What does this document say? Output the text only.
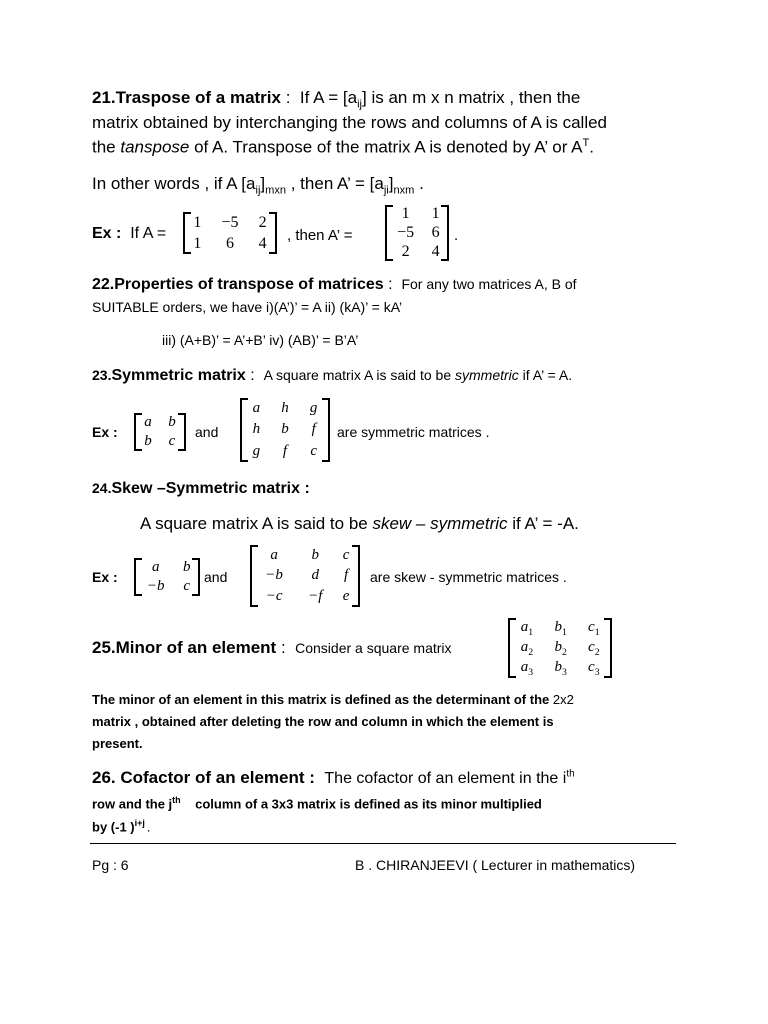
21.Traspose of a matrix : If $A = [a_{ij}]$ is an m x n matrix , then the
matrix obtained by interchanging the rows and columns of A is called
the tanspose of A. Transpose of the matrix A is denoted by A’ or $A^T$.
In other words , if A $[a_{ij}]_{mxn}$ , then A’ = $[a_{ji}]_{nxm}$ .
Ex : If A =
1	−5	2
1	6	4 , then A’ =
1	1
−5	6
2	4
.
22.Properties of transpose of matrices : For any two matrices A, B of
SUITABLE orders, we have i)(A’)’ = A ii) (kA)’ = kA’
iii) (A+B)’ = A’+B’ iv) (AB)’ = B’A’
23.Symmetric matrix : A square matrix A is said to be symmetric if A’ = A.
Ex :
a	b
b	c
and
a	h	g
h	b	f
g	f	c
are symmetric matrices .
24.Skew –Symmetric matrix :
A square matrix A is said to be skew – symmetric if A’ = -A.
Ex :
a	b
−b	c
and
a	b	c
−b	d	f
−c	−f	e
are skew - symmetric matrices .
25.Minor of an element : Consider a square matrix
$a_1$	$b_1$	$c_1$
$a_2$	$b_2$	$c_2$
$a_3$	$b_3$	$c_3$
The minor of an element in this matrix is defined as the determinant of the 2x2
matrix , obtained after deleting the row and column in which the element is
present.
26. Cofactor of an element : The cofactor of an element in the $i^{th}$
row and the $j^{th}$ column of a 3x3 matrix is defined as its minor multiplied
by (-1 )$^{i+j}$ .
Pg : 6	B . CHIRANJEEVI ( Lecturer in mathematics)
